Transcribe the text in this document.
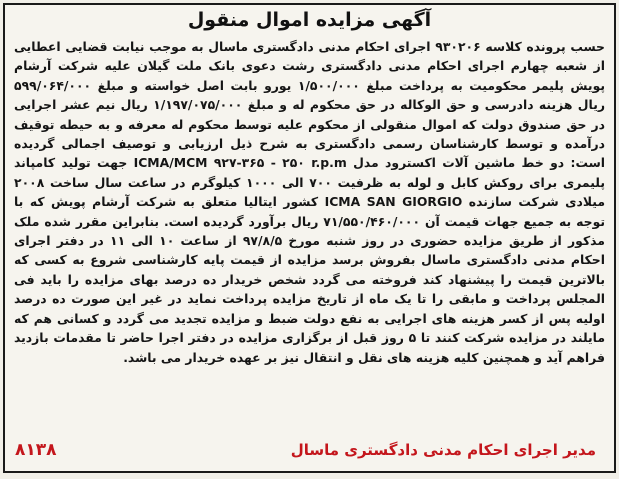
آگهی مزایده اموال منقول

حسب پرونده کلاسه ۹۳۰۲۰۶ اجرای احکام مدنی دادگستری ماسال به موجب نیابت قضایی اعطایی از شعبه چهارم اجرای احکام مدنی دادگستری رشت دعوی بانک ملت گیلان علیه شرکت آرشام پویش پلیمر محکومیت به پرداخت مبلغ ۱/۵۰۰/۰۰۰ یورو بابت اصل خواسته و مبلغ ۵۹۹/۰۶۴/۰۰۰ ریال هزینه دادرسی و حق الوکاله در حق محکوم له و مبلغ ۱/۱۹۷/۰۷۵/۰۰۰ ریال نیم عشر اجرایی در حق صندوق دولت که اموال منقولی از محکوم علیه توسط محکوم له معرفه و به حیطه توقیف درآمده و توسط کارشناسان رسمی دادگستری به شرح ذیل ارزیابی و توصیف اجمالی گردیده است: دو خط ماشین آلات اکسترود مدل ICMA/MCM ۹۲۷-۳۶۵ - ۲۵۰ r.p.m جهت تولید کامپاند پلیمری برای روکش کابل و لوله به ظرفیت ۷۰۰ الی ۱۰۰۰ کیلوگرم در ساعت سال ساخت ۲۰۰۸ میلادی شرکت سازنده ICMA SAN GIORGIO کشور ایتالیا متعلق به شرکت آرشام پویش که با توجه به جمیع جهات قیمت آن ۷۱/۵۵۰/۴۶۰/۰۰۰ ریال برآورد گردیده است. بنابراین مقرر شده ملک مذکور از طریق مزایده حضوری در روز شنبه مورخ ۹۷/۸/۵ از ساعت ۱۰ الی ۱۱ در دفتر اجرای احکام مدنی دادگستری ماسال بفروش برسد مزایده از قیمت پایه کارشناسی شروع به کسی که بالاترین قیمت را پیشنهاد کند فروخته می گردد شخص خریدار ده درصد بهای مزایده را باید فی المجلس پرداخت و مابقی را تا یک ماه از تاریخ مزایده پرداخت نماید در غیر این صورت ده درصد اولیه پس از کسر هزینه های اجرایی به نفع دولت ضبط و مزایده تجدید می گردد و کسانی هم که مایلند در مزایده شرکت کنند تا ۵ روز قبل از برگزاری مزایده در دفتر اجرا حاضر تا مقدمات بازدید فراهم آید و همچنین کلیه هزینه های نقل و انتقال نیز بر عهده خریدار می باشد.

مدیر اجرای احکام مدنی دادگستری ماسال
۸۱۳۸
